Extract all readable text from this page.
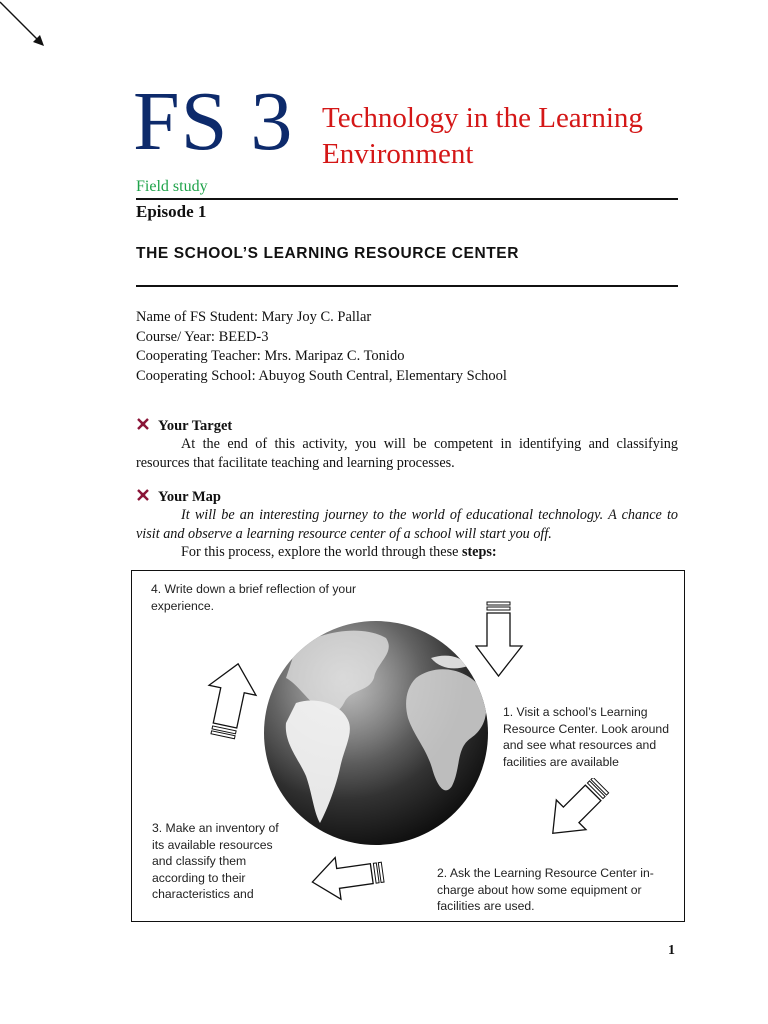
FS 3 Technology in the Learning Environment
Field study
Episode 1
THE SCHOOL’S LEARNING RESOURCE CENTER
Name of FS Student: Mary Joy C. Pallar
Course/ Year: BEED-3
Cooperating Teacher: Mrs. Maripaz C. Tonido
Cooperating School: Abuyog South Central, Elementary School
Your Target
At the end of this activity, you will be competent in identifying and classifying resources that facilitate teaching and learning processes.
Your Map
It will be an interesting journey to the world of educational technology. A chance to visit and observe a learning resource center of a school will start you off.
For this process, explore the world through these steps:
4. Write down a brief reflection of your experience.
1. Visit a school’s Learning Resource Center. Look around and see what resources and facilities are available
2. Ask the Learning Resource Center in-charge about how some equipment or facilities are used.
3. Make an inventory of its available resources and classify them according to their characteristics and
1
